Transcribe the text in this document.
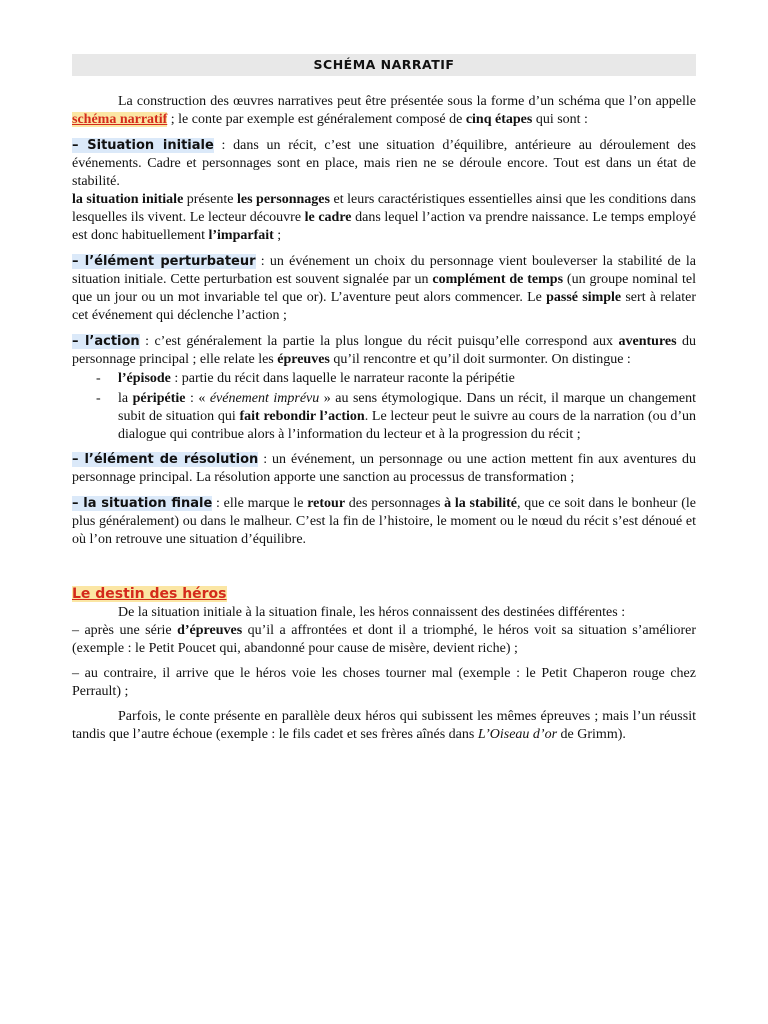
SCHÉMA NARRATIF

La construction des œuvres narratives peut être présentée sous la forme d’un schéma que l’on appelle schéma narratif ; le conte par exemple est généralement composé de cinq étapes qui sont :

– Situation initiale : dans un récit, c’est une situation d’équilibre, antérieure au déroulement des événements. Cadre et personnages sont en place, mais rien ne se déroule encore. Tout est dans un état de stabilité.

la situation initiale présente les personnages et leurs caractéristiques essentielles ainsi que les conditions dans lesquelles ils vivent. Le lecteur découvre le cadre dans lequel l’action va prendre naissance. Le temps employé est donc habituellement l’imparfait ;

– l’élément perturbateur : un événement un choix du personnage vient bouleverser la stabilité de la situation initiale. Cette perturbation est souvent signalée par un complément de temps (un groupe nominal tel que un jour ou un mot invariable tel que or). L’aventure peut alors commencer. Le passé simple sert à relater cet événement qui déclenche l’action ;

– l’action : c’est généralement la partie la plus longue du récit puisqu’elle correspond aux aventures du personnage principal ; elle relate les épreuves qu’il rencontre et qu’il doit surmonter. On distingue :

- l’épisode : partie du récit dans laquelle le narrateur raconte la péripétie
- la péripétie : « événement imprévu » au sens étymologique. Dans un récit, il marque un changement subit de situation qui fait rebondir l’action. Le lecteur peut le suivre au cours de la narration (ou d’un dialogue qui contribue alors à l’information du lecteur et à la progression du récit ;

– l’élément de résolution : un événement, un personnage ou une action mettent fin aux aventures du personnage principal. La résolution apporte une sanction au processus de transformation ;

– la situation finale : elle marque le retour des personnages à la stabilité, que ce soit dans le bonheur (le plus généralement) ou dans le malheur. C’est la fin de l’histoire, le moment ou le nœud du récit s’est dénoué et où l’on retrouve une situation d’équilibre.

Le destin des héros

De la situation initiale à la situation finale, les héros connaissent des destinées différentes :

– après une série d’épreuves qu’il a affrontées et dont il a triomphé, le héros voit sa situation s’améliorer (exemple : le Petit Poucet qui, abandonné pour cause de misère, devient riche) ;

– au contraire, il arrive que le héros voie les choses tourner mal (exemple : le Petit Chaperon rouge chez Perrault) ;

Parfois, le conte présente en parallèle deux héros qui subissent les mêmes épreuves ; mais l’un réussit tandis que l’autre échoue (exemple : le fils cadet et ses frères aînés dans L’Oiseau d’or de Grimm).
